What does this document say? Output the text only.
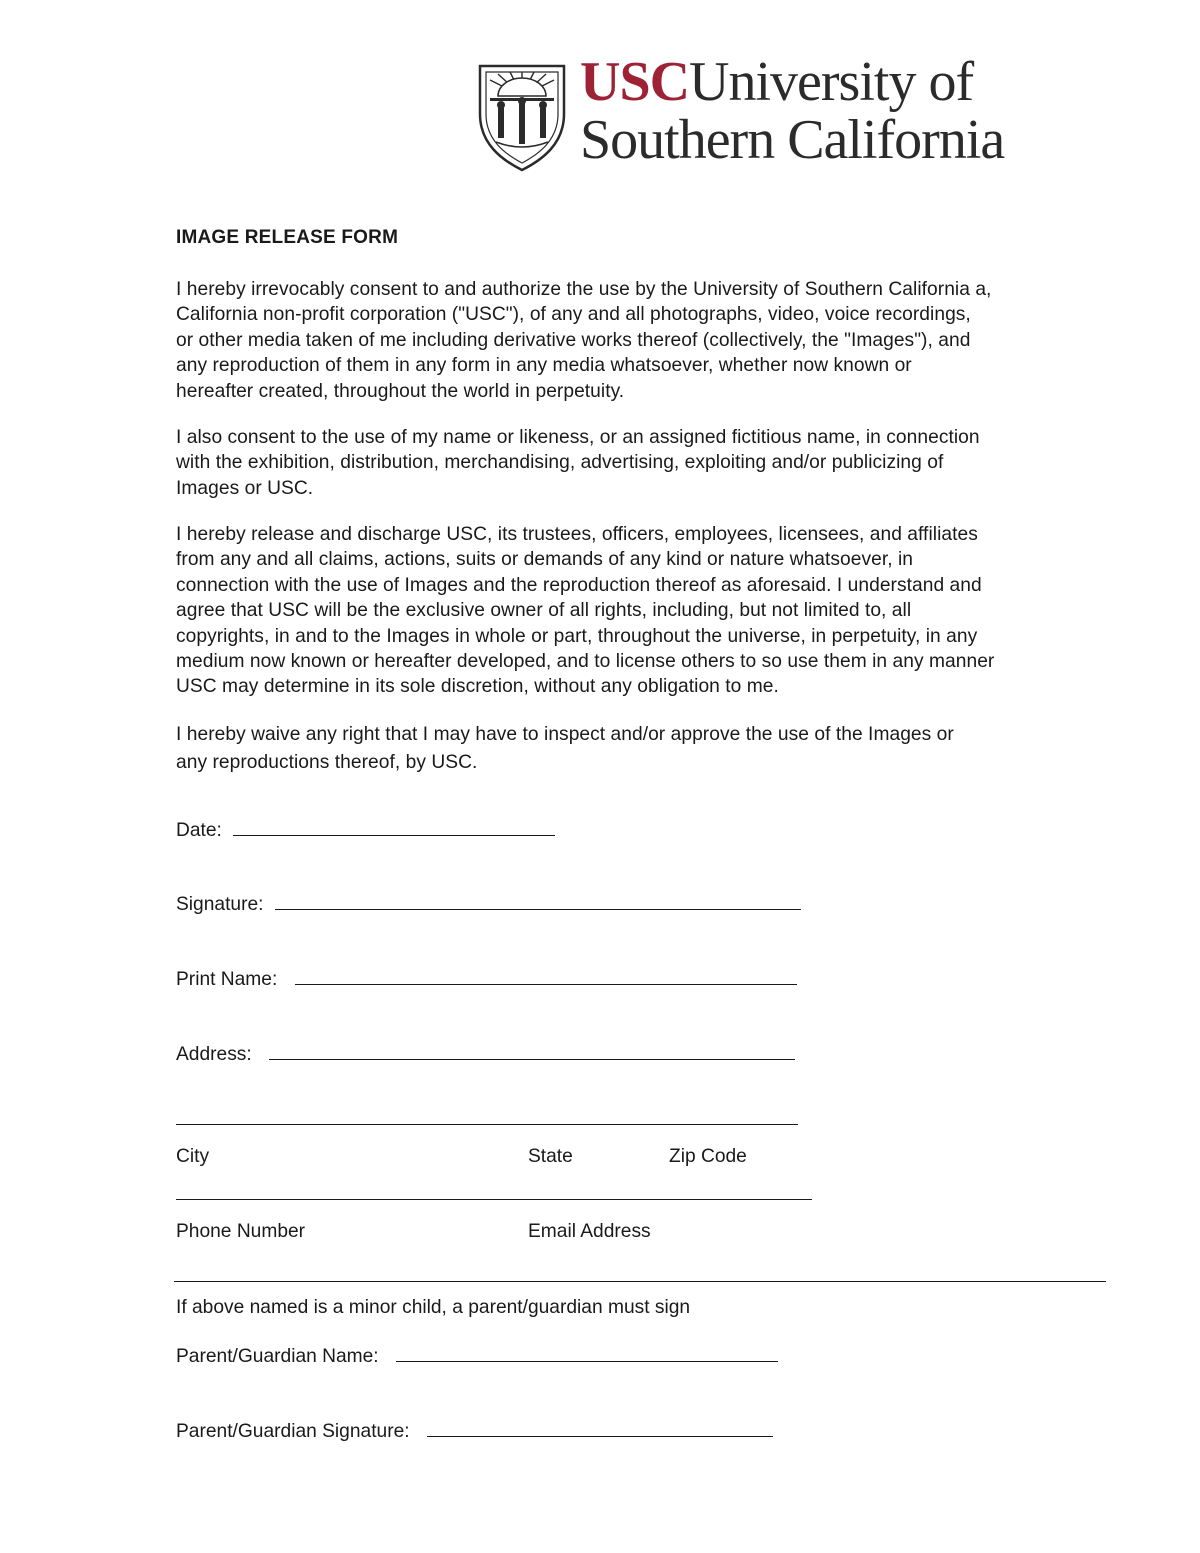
USCUniversity of
Southern California
IMAGE RELEASE FORM
I hereby irrevocably consent to and authorize the use by the University of Southern California a,
California non-profit corporation ("USC"), of any and all photographs, video, voice recordings,
or other media taken of me including derivative works thereof (collectively, the "Images"), and
any reproduction of them in any form in any media whatsoever, whether now known or
hereafter created, throughout the world in perpetuity.
I also consent to the use of my name or likeness, or an assigned fictitious name, in connection
with the exhibition, distribution, merchandising, advertising, exploiting and/or publicizing of
Images or USC.
I hereby release and discharge USC, its trustees, officers, employees, licensees, and affiliates
from any and all claims, actions, suits or demands of any kind or nature whatsoever, in
connection with the use of Images and the reproduction thereof as aforesaid. I understand and
agree that USC will be the exclusive owner of all rights, including, but not limited to, all
copyrights, in and to the Images in whole or part, throughout the universe, in perpetuity, in any
medium now known or hereafter developed, and to license others to so use them in any manner
USC may determine in its sole discretion, without any obligation to me.
I hereby waive any right that I may have to inspect and/or approve the use of the Images or
any reproductions thereof, by USC.
Date:
Signature:
Print Name:
Address:
City	State	Zip Code
Phone Number	Email Address
If above named is a minor child, a parent/guardian must sign
Parent/Guardian Name:
Parent/Guardian Signature:
